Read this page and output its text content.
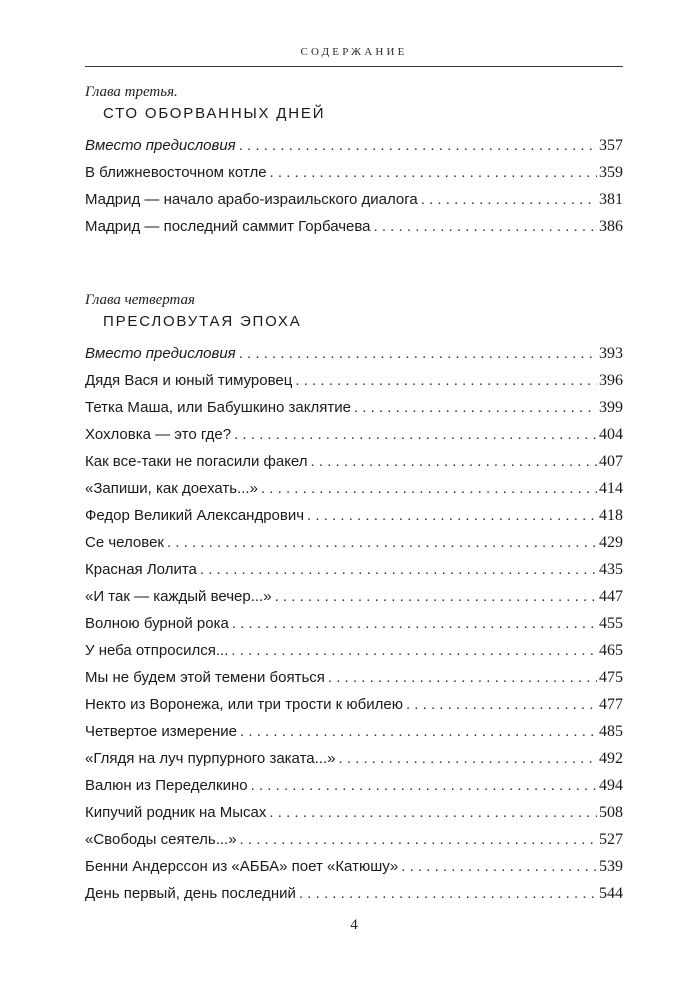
СОДЕРЖАНИЕ
Глава третья.
СТО ОБОРВАННЫХ ДНЕЙ
Вместо предисловия . . .	357
В ближневосточном котле . . .	359
Мадрид — начало арабо-израильского диалога . . .	381
Мадрид — последний саммит Горбачева . . .	386
Глава четвертая
ПРЕСЛОВУТАЯ ЭПОХА
Вместо предисловия . . .	393
Дядя Вася и юный тимуровец . . .	396
Тетка Маша, или Бабушкино заклятие . . .	399
Хохловка — это где? . . .	404
Как все-таки не погасили факел . . .	407
«Запиши, как доехать...» . . .	414
Федор Великий Александрович . . .	418
Се человек . . .	429
Красная Лолита . . .	435
«И так — каждый вечер...» . . .	447
Волною бурной рока . . .	455
У неба отпросился... . . .	465
Мы не будем этой темени бояться . . .	475
Некто из Воронежа, или три трости к юбилею . . .	477
Четвертое измерение . . .	485
«Глядя на луч пурпурного заката...» . . .	492
Валюн из Переделкино . . .	494
Кипучий родник на Мысах . . .	508
«Свободы сеятель...» . . .	527
Бенни Андерссон из «АББА» поет «Катюшу» . . .	539
День первый, день последний . . .	544
4
